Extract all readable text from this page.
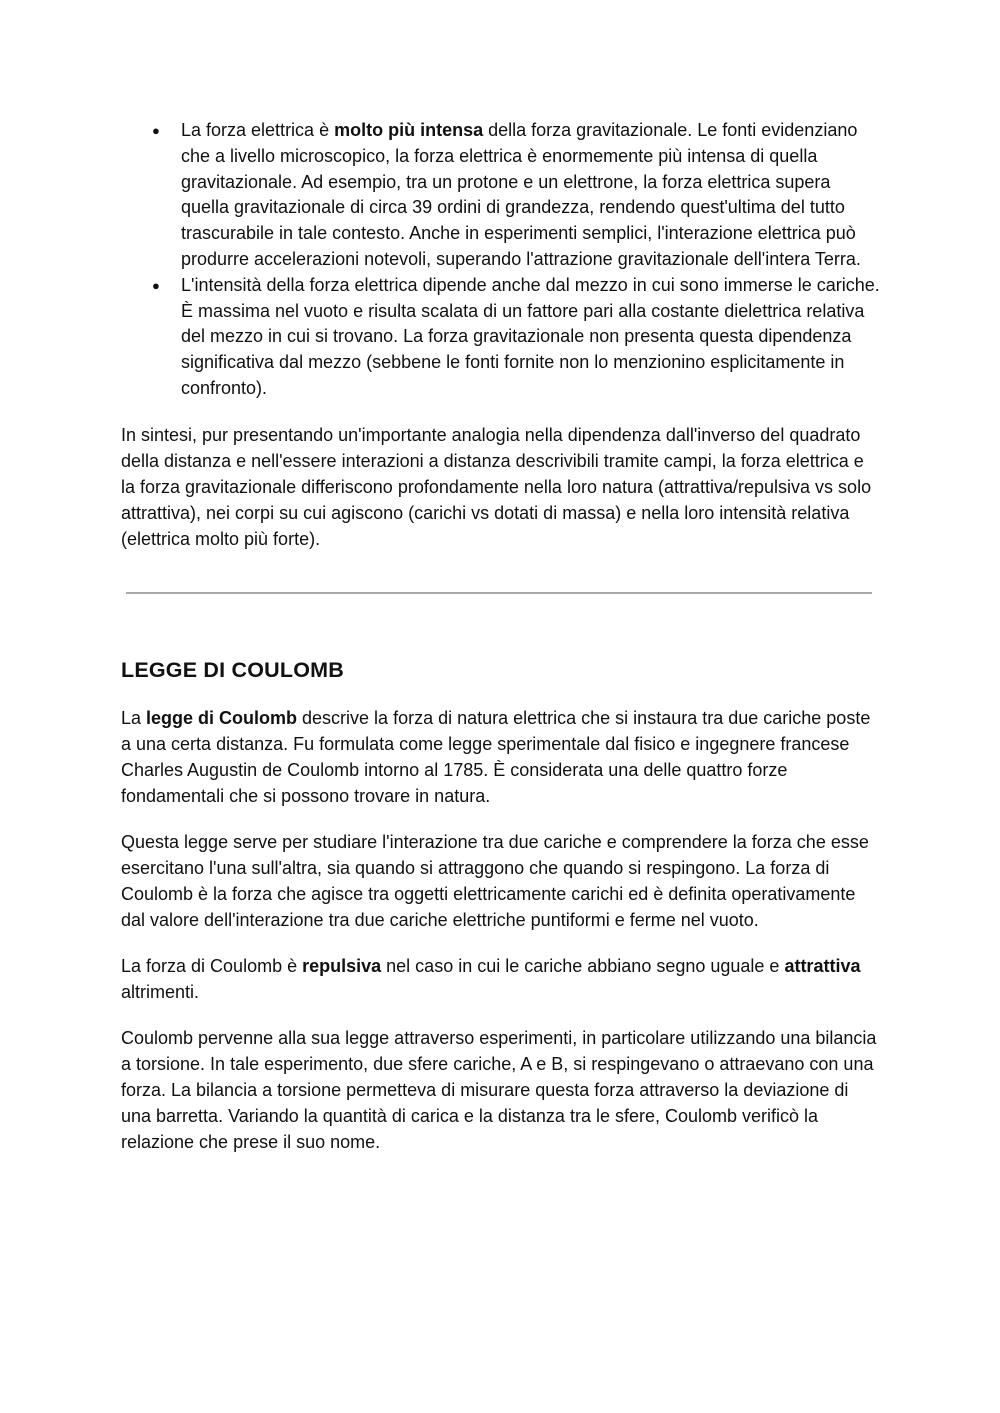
● La forza elettrica è molto più intensa della forza gravitazionale. Le fonti evidenziano che a livello microscopico, la forza elettrica è enormemente più intensa di quella gravitazionale. Ad esempio, tra un protone e un elettrone, la forza elettrica supera quella gravitazionale di circa 39 ordini di grandezza, rendendo quest'ultima del tutto trascurabile in tale contesto. Anche in esperimenti semplici, l'interazione elettrica può produrre accelerazioni notevoli, superando l'attrazione gravitazionale dell'intera Terra.
● L'intensità della forza elettrica dipende anche dal mezzo in cui sono immerse le cariche. È massima nel vuoto e risulta scalata di un fattore pari alla costante dielettrica relativa del mezzo in cui si trovano. La forza gravitazionale non presenta questa dipendenza significativa dal mezzo (sebbene le fonti fornite non lo menzionino esplicitamente in confronto).

In sintesi, pur presentando un'importante analogia nella dipendenza dall'inverso del quadrato della distanza e nell'essere interazioni a distanza descrivibili tramite campi, la forza elettrica e la forza gravitazionale differiscono profondamente nella loro natura (attrattiva/repulsiva vs solo attrattiva), nei corpi su cui agiscono (carichi vs dotati di massa) e nella loro intensità relativa (elettrica molto più forte).

LEGGE DI COULOMB

La legge di Coulomb descrive la forza di natura elettrica che si instaura tra due cariche poste a una certa distanza. Fu formulata come legge sperimentale dal fisico e ingegnere francese Charles Augustin de Coulomb intorno al 1785. È considerata una delle quattro forze fondamentali che si possono trovare in natura.

Questa legge serve per studiare l'interazione tra due cariche e comprendere la forza che esse esercitano l'una sull'altra, sia quando si attraggono che quando si respingono. La forza di Coulomb è la forza che agisce tra oggetti elettricamente carichi ed è definita operativamente dal valore dell'interazione tra due cariche elettriche puntiformi e ferme nel vuoto.

La forza di Coulomb è repulsiva nel caso in cui le cariche abbiano segno uguale e attrattiva altrimenti.

Coulomb pervenne alla sua legge attraverso esperimenti, in particolare utilizzando una bilancia a torsione. In tale esperimento, due sfere cariche, A e B, si respingevano o attraevano con una forza. La bilancia a torsione permetteva di misurare questa forza attraverso la deviazione di una barretta. Variando la quantità di carica e la distanza tra le sfere, Coulomb verificò la relazione che prese il suo nome.
